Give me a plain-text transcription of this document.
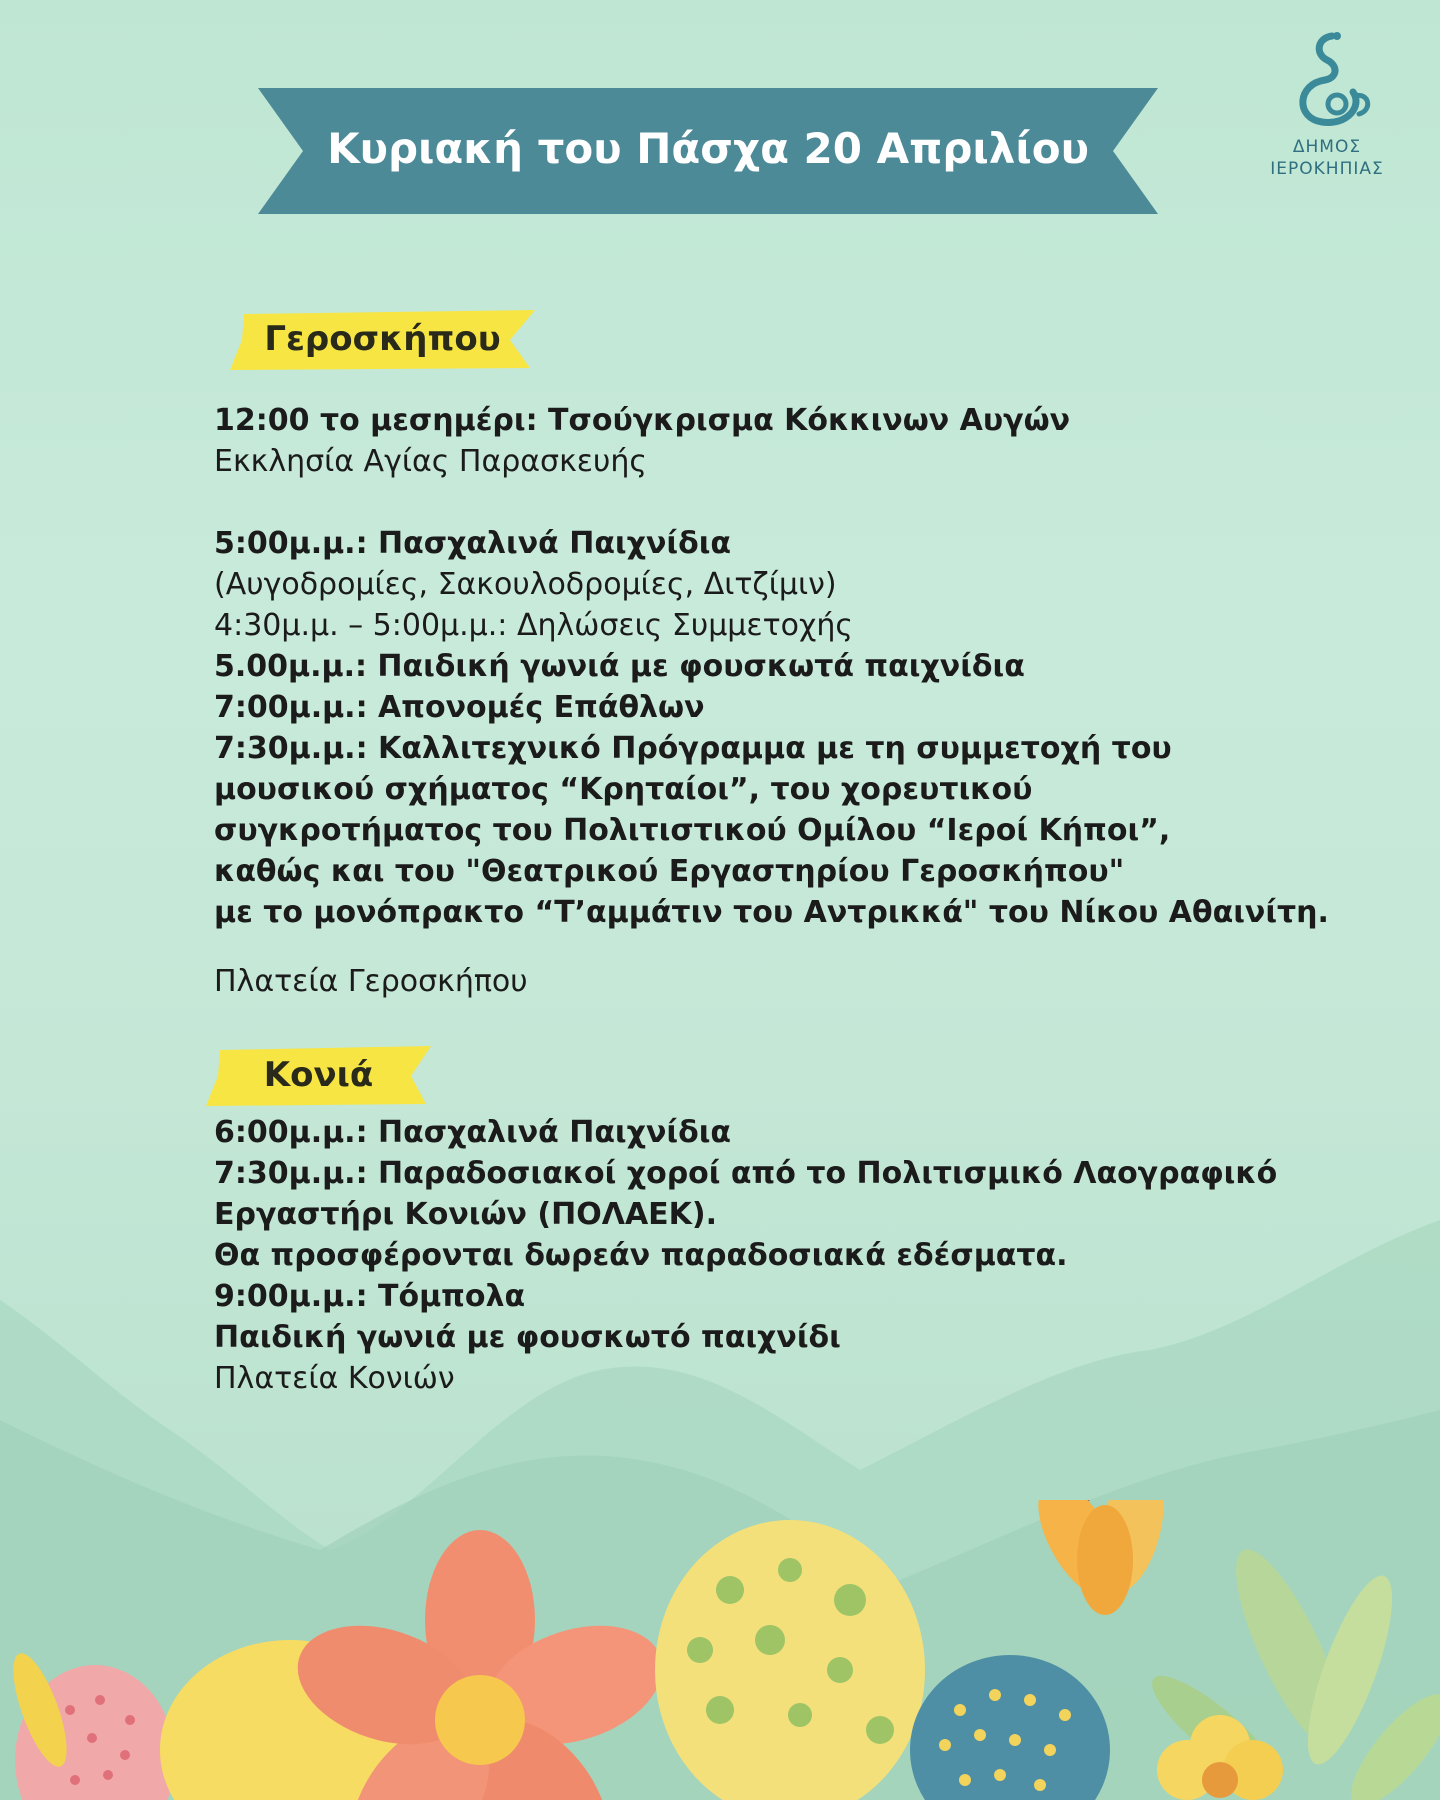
ΔΗΜΟΣ
ΙΕΡΟΚΗΠΙΑΣ
Κυριακή του Πάσχα 20 Απριλίου
Γεροσκήπου

12:00 το μεσημέρι: Τσούγκρισμα Κόκκινων Αυγών

Εκκλησία Αγίας Παρασκευής

5:00μ.μ.: Πασχαλινά Παιχνίδια

(Αυγοδρομίες, Σακουλοδρομίες, Διτζίμιν)

4:30μ.μ. – 5:00μ.μ.: Δηλώσεις Συμμετοχής

5.00μ.μ.: Παιδική γωνιά με φουσκωτά παιχνίδια

7:00μ.μ.: Απονομές Επάθλων

7:30μ.μ.: Καλλιτεχνικό Πρόγραμμα με τη συμμετοχή του

μουσικού σχήματος “Κρηταίοι”, του χορευτικού

συγκροτήματος του Πολιτιστικού Ομίλου “Ιεροί Κήποι”,

καθώς και του "Θεατρικού Εργαστηρίου Γεροσκήπου"

με το μονόπρακτο “Τ’αμμάτιν του Αντρικκά" του Νίκου Αθαινίτη.

Πλατεία Γεροσκήπου

Κονιά

6:00μ.μ.: Πασχαλινά Παιχνίδια

7:30μ.μ.: Παραδοσιακοί χοροί από το Πολιτισμικό Λαογραφικό

Εργαστήρι Κονιών (ΠΟΛΑΕΚ).

Θα προσφέρονται δωρεάν παραδοσιακά εδέσματα.

9:00μ.μ.: Τόμπολα

Παιδική γωνιά με φουσκωτό παιχνίδι

Πλατεία Κονιών
